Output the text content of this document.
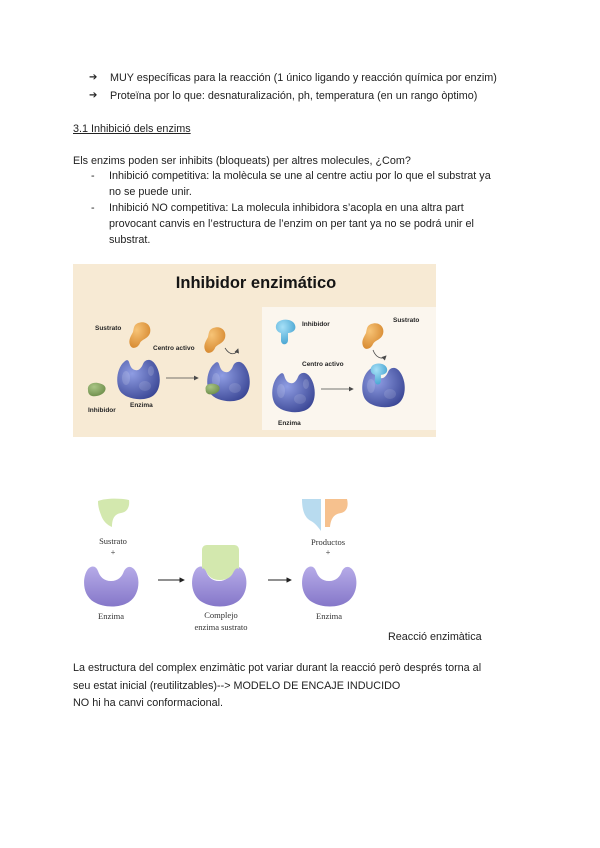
➔ MUY específicas para la reacción (1 único ligando y reacción química por enzim)
➔ Proteïna por lo que: desnaturalización, ph, temperatura (en un rango òptimo)
3.1 Inhibició dels enzims
Els enzims poden ser inhibits (bloqueats) per altres molecules, ¿Com?
- Inhibició competitiva: la molècula se une al centre actiu por lo que el substrat ya
no se puede unir.
- Inhibició NO competitiva: La molecula inhibidora s’acopla en una altra part
provocant canvis en l’estructura de l’enzim on per tant ya no se podrá unir el
substrat.
Inhibidor enzimático
Sustrato
Centro activo
Enzima
Inhibidor
Inhibidor
Sustrato
Centro activo
Enzima
Sustrato
+
Enzima	Complejo
enzima sustrato
Productos
+
Enzima
Reacció enzimàtica
La estructura del complex enzimàtic pot variar durant la reacció però després torna al
seu estat inicial (reutilitzables)--> MODELO DE ENCAJE INDUCIDO
NO hi ha canvi conformacional.
